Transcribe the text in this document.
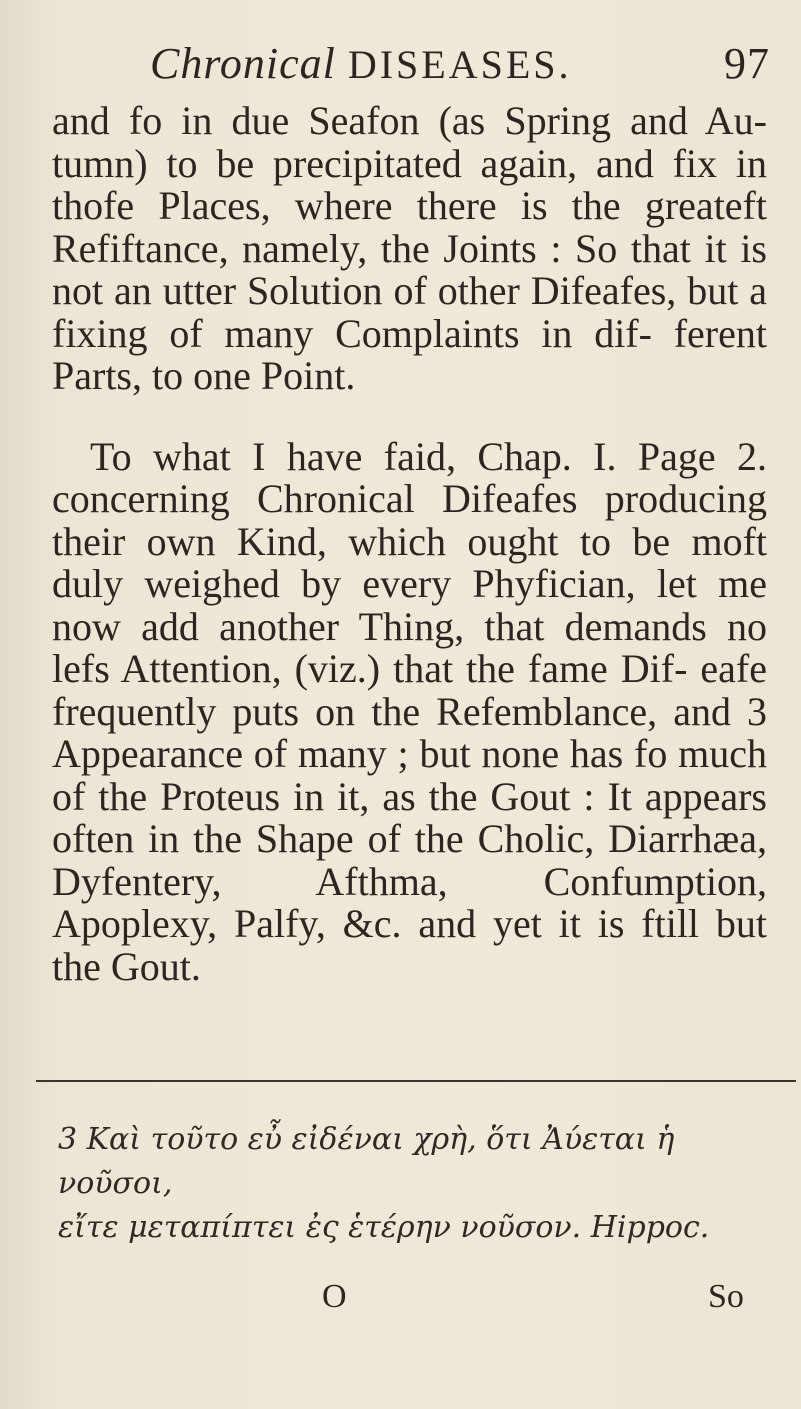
Chronical DISEASES.	97

and fo in due Seafon (as Spring and Au- tumn) to be precipitated again, and fix in thofe Places, where there is the greateft Refiftance, namely, the Joints : So that it is not an utter Solution of other Difeafes, but a fixing of many Complaints in dif- ferent Parts, to one Point.

To what I have faid, Chap. I. Page 2. concerning Chronical Difeafes producing their own Kind, which ought to be moft duly weighed by every Phyfician, let me now add another Thing, that demands no lefs Attention, (viz.) that the fame Dif- eafe frequently puts on the Refemblance, and 3 Appearance of many ; but none has fo much of the Proteus in it, as the Gout : It appears often in the Shape of the Cholic, Diarrhæa, Dyfentery, Afthma, Confumption, Apoplexy, Palfy, &c. and yet it is ftill but the Gout.

3 Καὶ τοῦτο εὖ εἰδέναι χρὴ, ὅτι Ἀύεται ἡ νοῦσοι,
εἴτε μεταπίπτει ἐς ἑτέρην νοῦσον. Hippoc.
O	So
